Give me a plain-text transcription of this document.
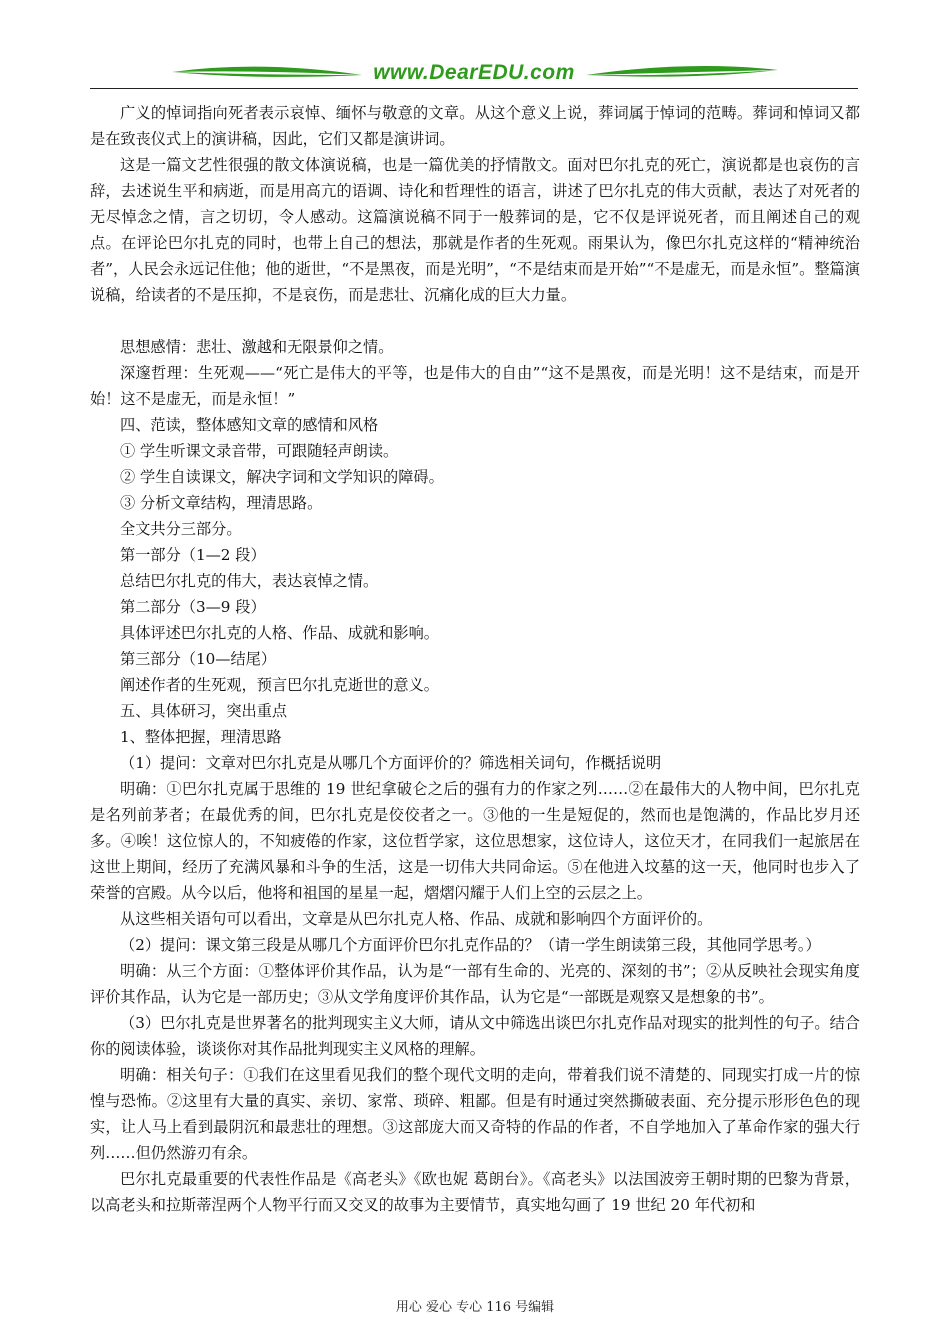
www.DearEDU.com

广义的悼词指向死者表示哀悼、缅怀与敬意的文章。从这个意义上说，葬词属于悼词的范畴。葬词和悼词又都是在致丧仪式上的演讲稿，因此，它们又都是演讲词。

这是一篇文艺性很强的散文体演说稿，也是一篇优美的抒情散文。面对巴尔扎克的死亡，演说都是也哀伤的言辞，去述说生平和病逝，而是用高亢的语调、诗化和哲理性的语言，讲述了巴尔扎克的伟大贡献，表达了对死者的无尽悼念之情，言之切切，令人感动。这篇演说稿不同于一般葬词的是，它不仅是评说死者，而且阐述自己的观点。在评论巴尔扎克的同时，也带上自己的想法，那就是作者的生死观。雨果认为，像巴尔扎克这样的“精神统治者”，人民会永远记住他；他的逝世，“不是黑夜，而是光明”，“不是结束而是开始”“不是虚无，而是永恒”。整篇演说稿，给读者的不是压抑，不是哀伤，而是悲壮、沉痛化成的巨大力量。

思想感情：悲壮、激越和无限景仰之情。

深邃哲理：生死观——“死亡是伟大的平等，也是伟大的自由”“这不是黑夜，而是光明！这不是结束，而是开始！这不是虚无，而是永恒！”

四、范读，整体感知文章的感情和风格

① 学生听课文录音带，可跟随轻声朗读。

② 学生自读课文，解决字词和文学知识的障碍。

③ 分析文章结构，理清思路。

全文共分三部分。

第一部分（1—2 段）

总结巴尔扎克的伟大，表达哀悼之情。

第二部分（3—9 段）

具体评述巴尔扎克的人格、作品、成就和影响。

第三部分（10—结尾）

阐述作者的生死观，预言巴尔扎克逝世的意义。

五、具体研习，突出重点

1、整体把握，理清思路

（1）提问：文章对巴尔扎克是从哪几个方面评价的？筛选相关词句，作概括说明

明确：①巴尔扎克属于思维的 19 世纪拿破仑之后的强有力的作家之列……②在最伟大的人物中间，巴尔扎克是名列前茅者；在最优秀的间，巴尔扎克是佼佼者之一。③他的一生是短促的，然而也是饱满的，作品比岁月还多。④唉！这位惊人的，不知疲倦的作家，这位哲学家，这位思想家，这位诗人，这位天才，在同我们一起旅居在这世上期间，经历了充满风暴和斗争的生活，这是一切伟大共同命运。⑤在他进入坟墓的这一天，他同时也步入了荣誉的宫殿。从今以后，他将和祖国的星星一起，熠熠闪耀于人们上空的云层之上。

从这些相关语句可以看出，文章是从巴尔扎克人格、作品、成就和影响四个方面评价的。

（2）提问：课文第三段是从哪几个方面评价巴尔扎克作品的？（请一学生朗读第三段，其他同学思考。）

明确：从三个方面：①整体评价其作品，认为是“一部有生命的、光亮的、深刻的书”；②从反映社会现实角度评价其作品，认为它是一部历史；③从文学角度评价其作品，认为它是“一部既是观察又是想象的书”。

（3）巴尔扎克是世界著名的批判现实主义大师，请从文中筛选出谈巴尔扎克作品对现实的批判性的句子。结合你的阅读体验，谈谈你对其作品批判现实主义风格的理解。

明确：相关句子：①我们在这里看见我们的整个现代文明的走向，带着我们说不清楚的、同现实打成一片的惊惶与恐怖。②这里有大量的真实、亲切、家常、琐碎、粗鄙。但是有时通过突然撕破表面、充分提示形形色色的现实，让人马上看到最阴沉和最悲壮的理想。③这部庞大而又奇特的作品的作者，不自学地加入了革命作家的强大行列……但仍然游刃有余。

巴尔扎克最重要的代表性作品是《高老头》《欧也妮 葛朗台》。《高老头》以法国波旁王朝时期的巴黎为背景，以高老头和拉斯蒂涅两个人物平行而又交叉的故事为主要情节，真实地勾画了 19 世纪 20 年代初和

用心 爱心 专心 116 号编辑
